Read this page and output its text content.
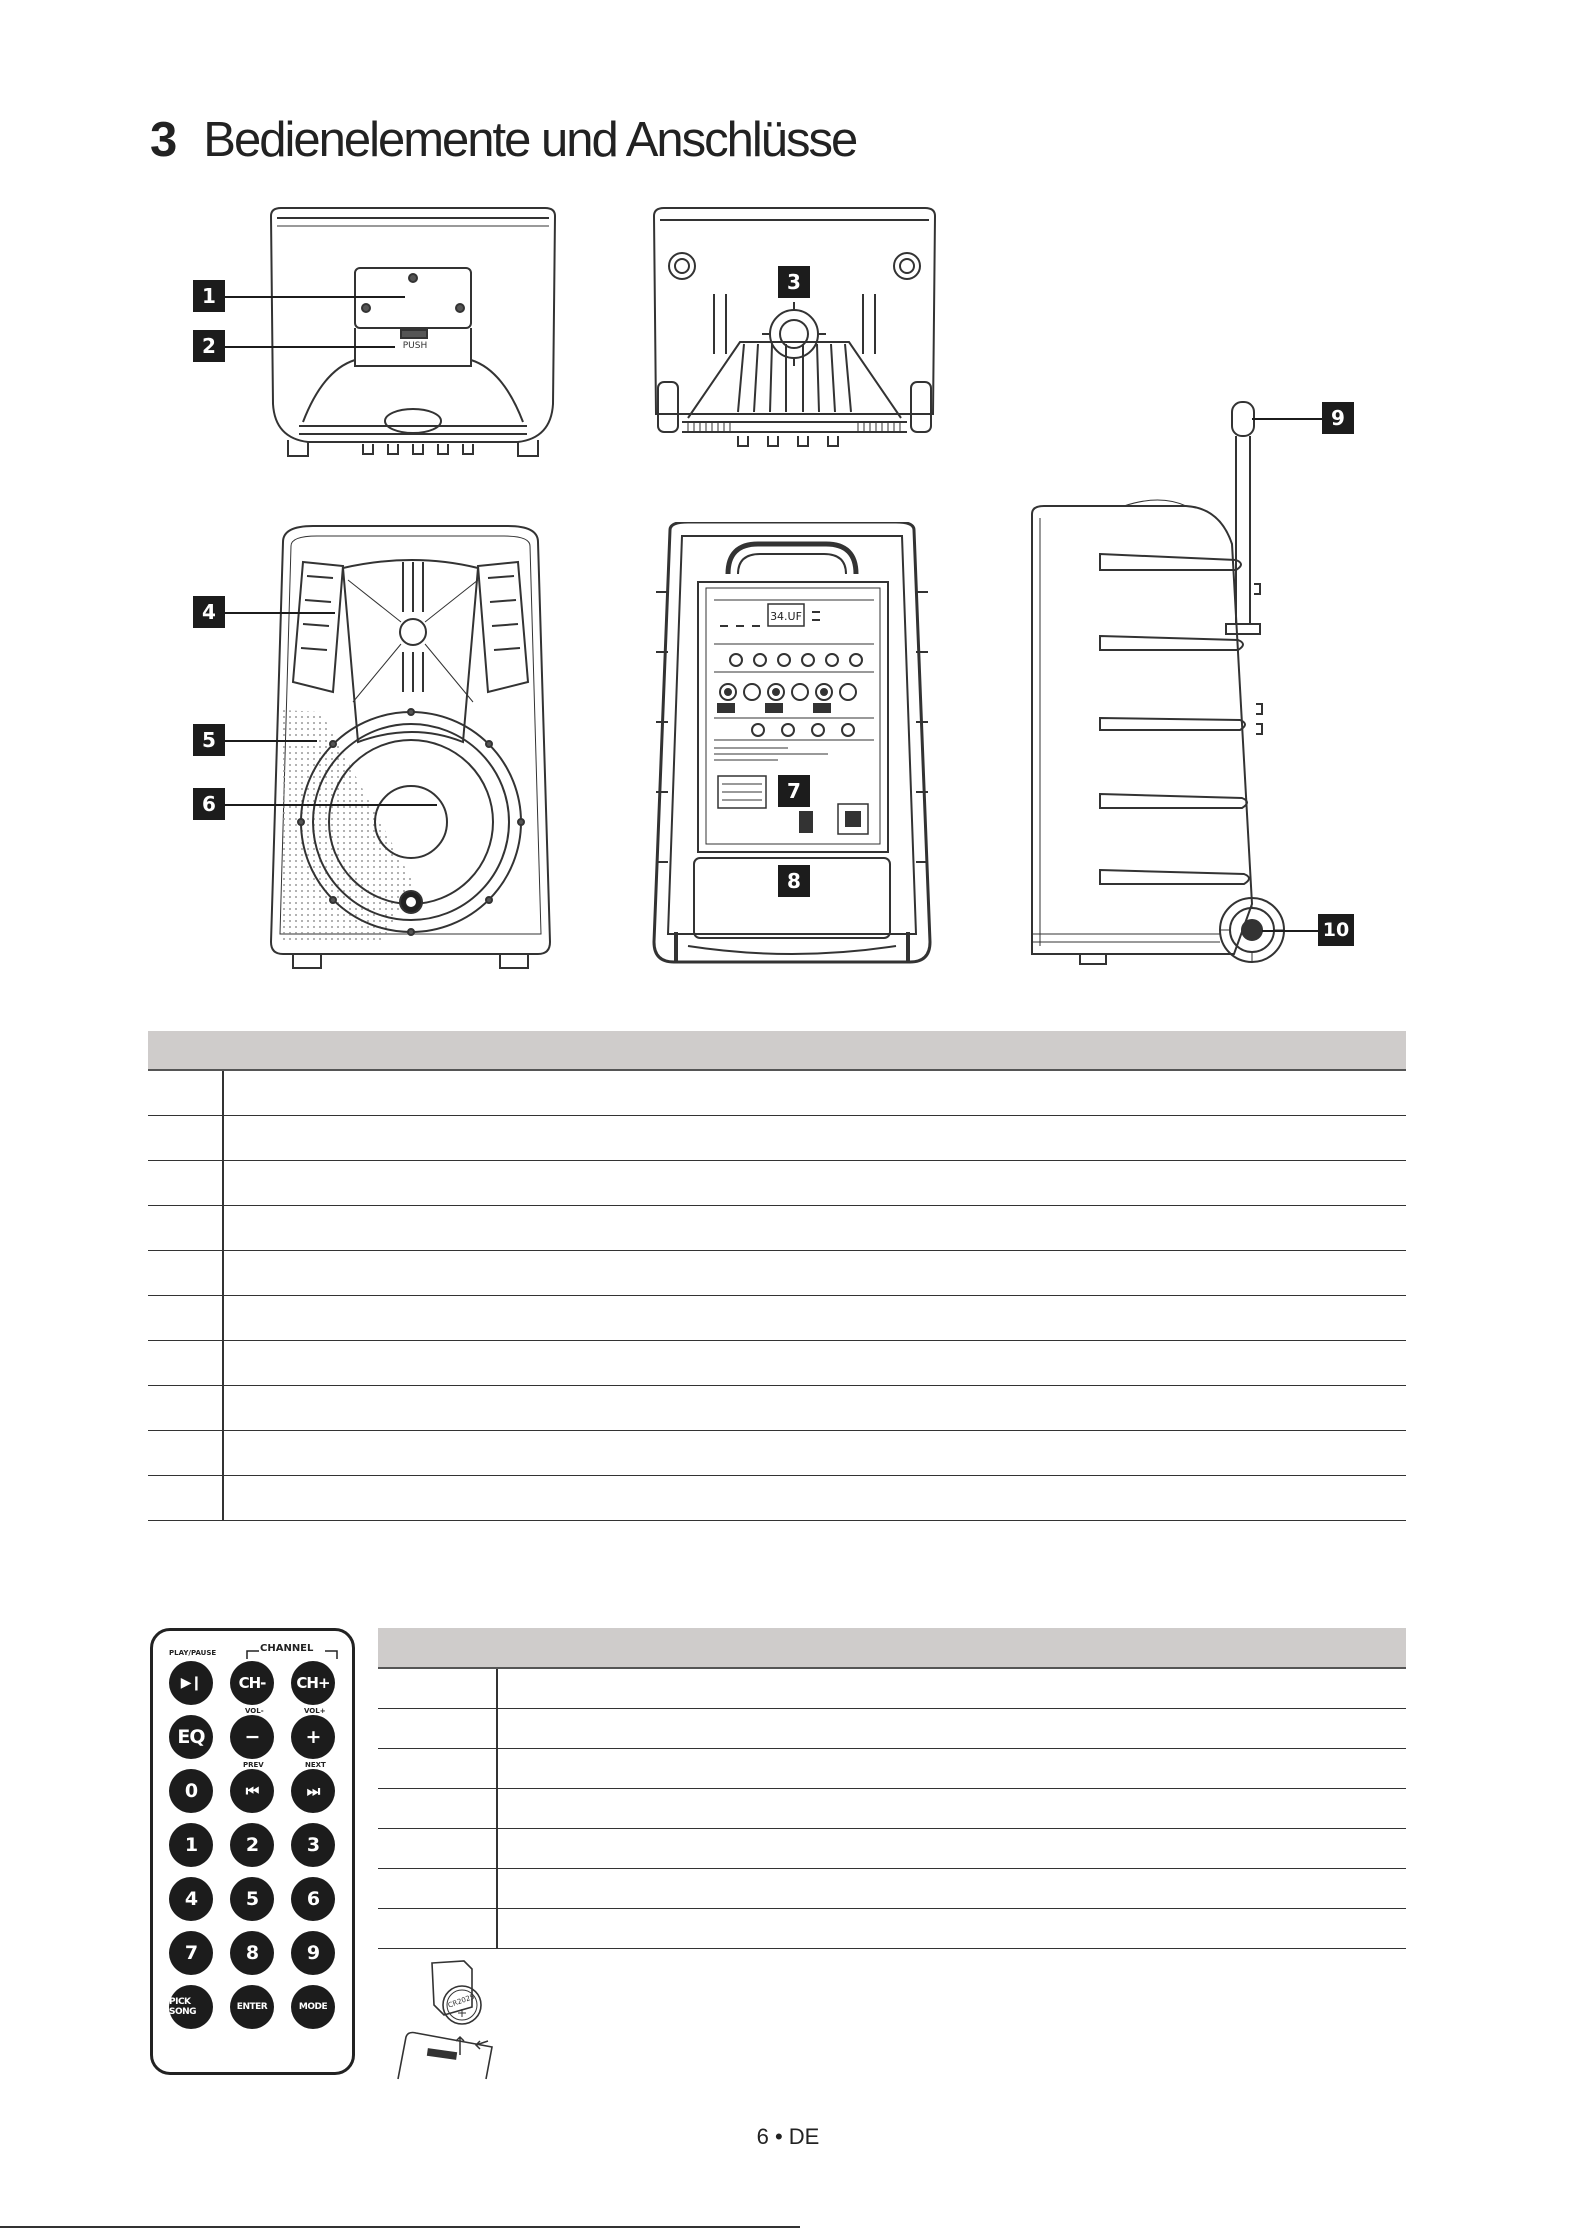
3 Bedienelemente und Anschlüsse
PUSH
1
2
3
4
5
6
34.UF
7
8
9
10

PLAY/PAUSE	CHANNEL
▶❙	CH-	CH+
VOL-	VOL+
EQ	−	+
PREV	NEXT
0	⏮	⏭
1	2	3
4	5	6
7	8	9
PICK SONG	ENTER	MODE

		CR2025
6 • DE
